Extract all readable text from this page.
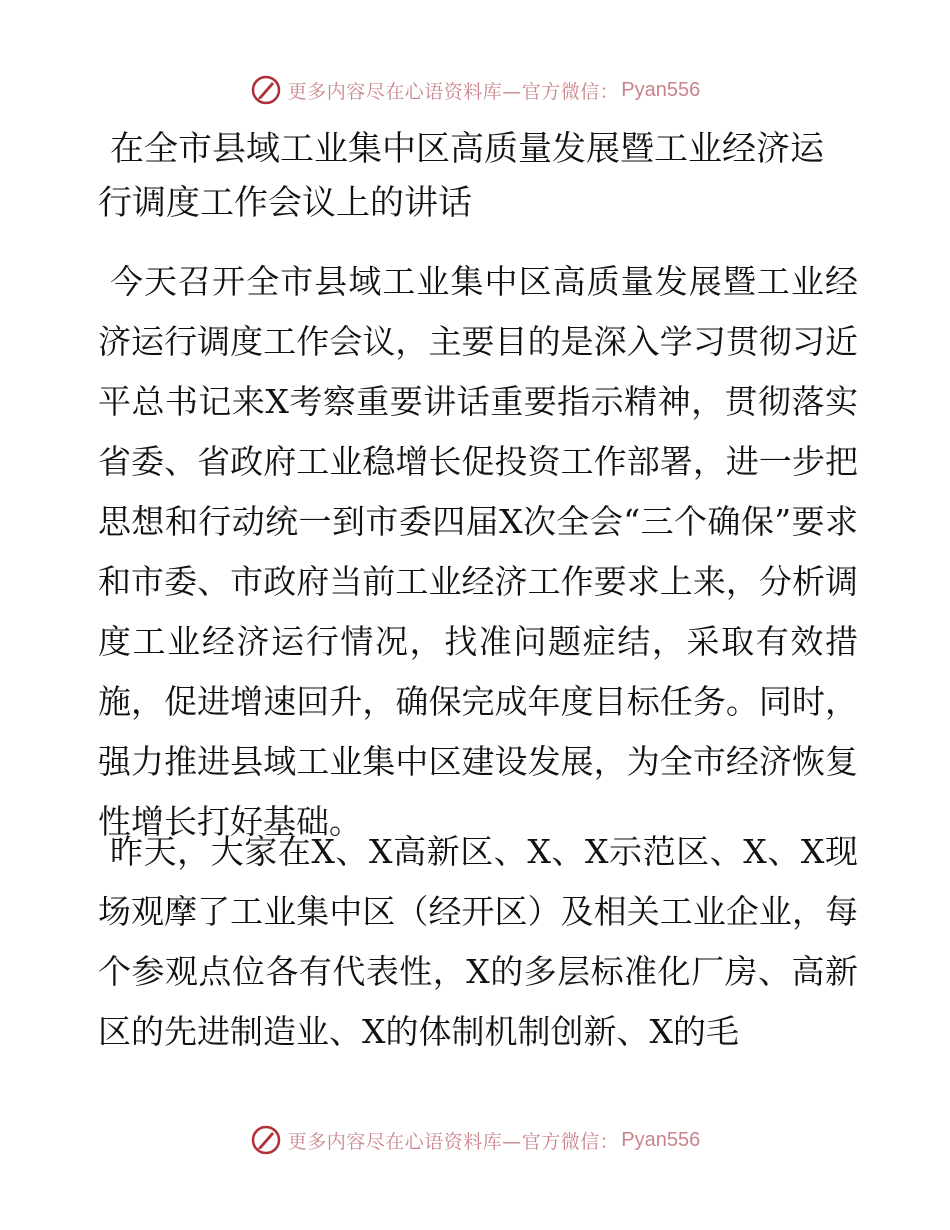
更多内容尽在心语资料库—官方微信： Pyan556
在全市县域工业集中区高质量发展暨工业经济运
行调度工作会议上的讲话

今天召开全市县域工业集中区高质量发展暨工业经济运行调度工作会议，主要目的是深入学习贯彻习近平总书记来X考察重要讲话重要指示精神，贯彻落实省委、省政府工业稳增长促投资工作部署，进一步把思想和行动统一到市委四届X次全会“三个确保”要求和市委、市政府当前工业经济工作要求上来，分析调度工业经济运行情况，找准问题症结，采取有效措施，促进增速回升，确保完成年度目标任务。同时，强力推进县域工业集中区建设发展，为全市经济恢复性增长打好基础。

昨天，大家在X、X高新区、X、X示范区、X、X现场观摩了工业集中区（经开区）及相关工业企业，每个参观点位各有代表性，X的多层标准化厂房、高新区的先进制造业、X的体制机制创新、X的毛

更多内容尽在心语资料库—官方微信： Pyan556
